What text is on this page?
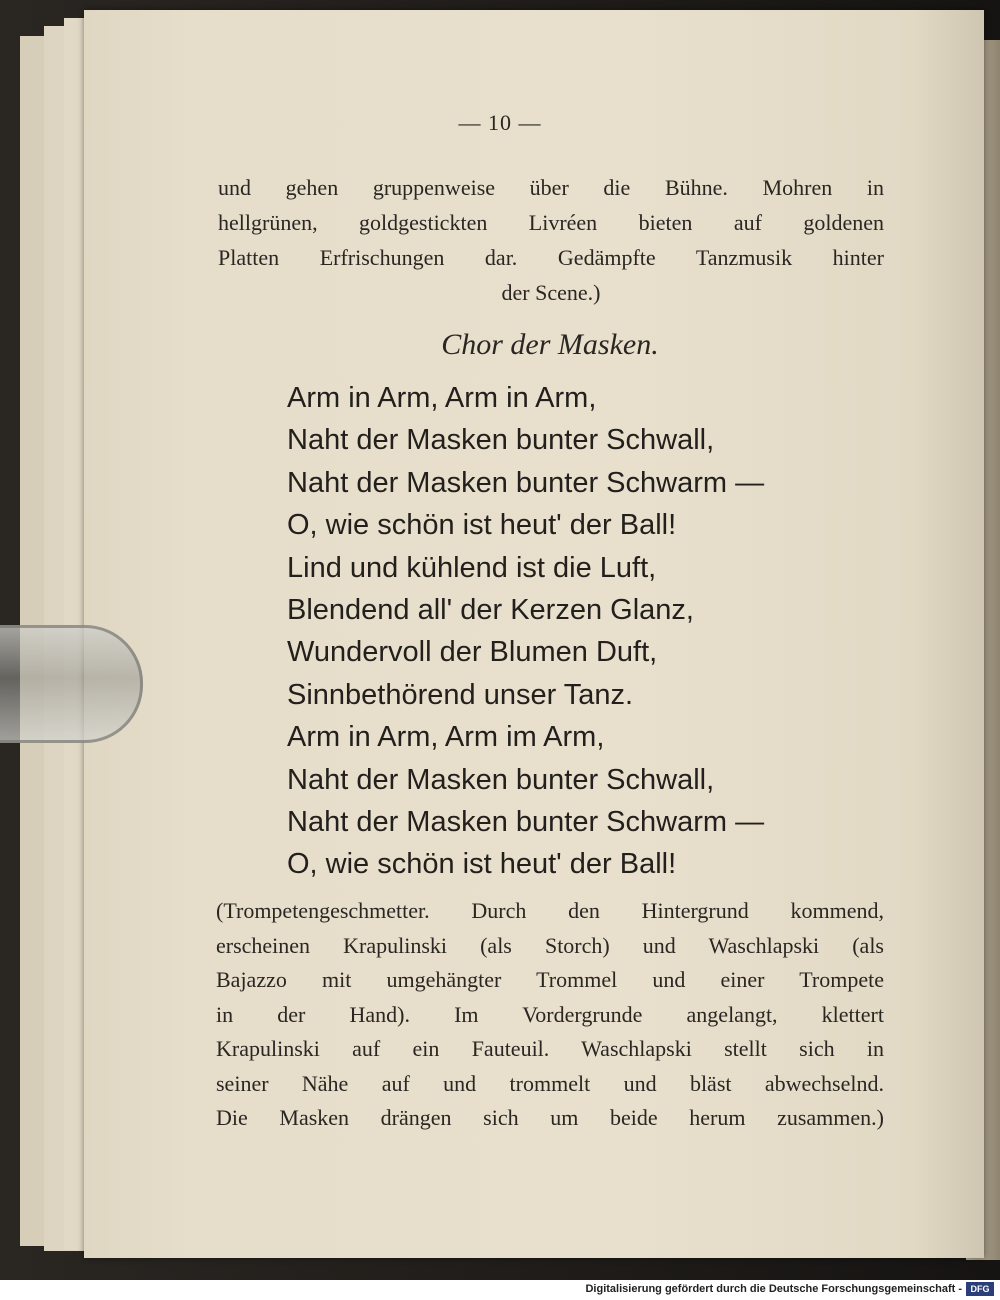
— 10 —
und gehen gruppenweise über die Bühne. Mohren in
hellgrünen, goldgestickten Livréen bieten auf goldenen
Platten Erfrischungen dar. Gedämpfte Tanzmusik hinter
der Scene.)
Chor der Masken.
Arm in Arm, Arm in Arm,
Naht der Masken bunter Schwall,
Naht der Masken bunter Schwarm —
O, wie schön ist heut' der Ball!
Lind und kühlend ist die Luft,
Blendend all' der Kerzen Glanz,
Wundervoll der Blumen Duft,
Sinnbethörend unser Tanz.
Arm in Arm, Arm im Arm,
Naht der Masken bunter Schwall,
Naht der Masken bunter Schwarm —
O, wie schön ist heut' der Ball!
(Trompetengeschmetter. Durch den Hintergrund kommend,
erscheinen Krapulinski (als Storch) und Waschlapski (als
Bajazzo mit umgehängter Trommel und einer Trompete
in der Hand). Im Vordergrunde angelangt, klettert
Krapulinski auf ein Fauteuil. Waschlapski stellt sich in
seiner Nähe auf und trommelt und bläst abwechselnd.
Die Masken drängen sich um beide herum zusammen.)
Digitalisierung gefördert durch die Deutsche Forschungsgemeinschaft - DFG
